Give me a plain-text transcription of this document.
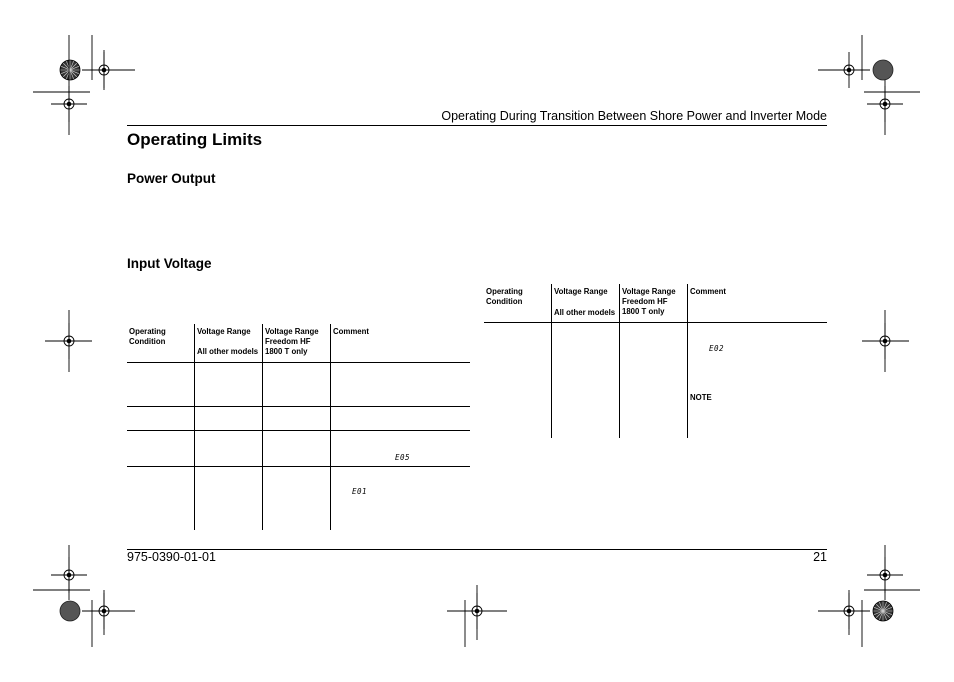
Operating During Transition Between Shore Power and Inverter Mode
Operating Limits
Power Output
Input Voltage
Operating
Condition
Voltage Range
All other models
Voltage Range
Freedom HF
1800 T only
Comment
E05
E01
Operating
Condition
Voltage Range
All other models
Voltage Range
Freedom HF
1800 T only
Comment
E02
NOTE
975-0390-01-01	21
